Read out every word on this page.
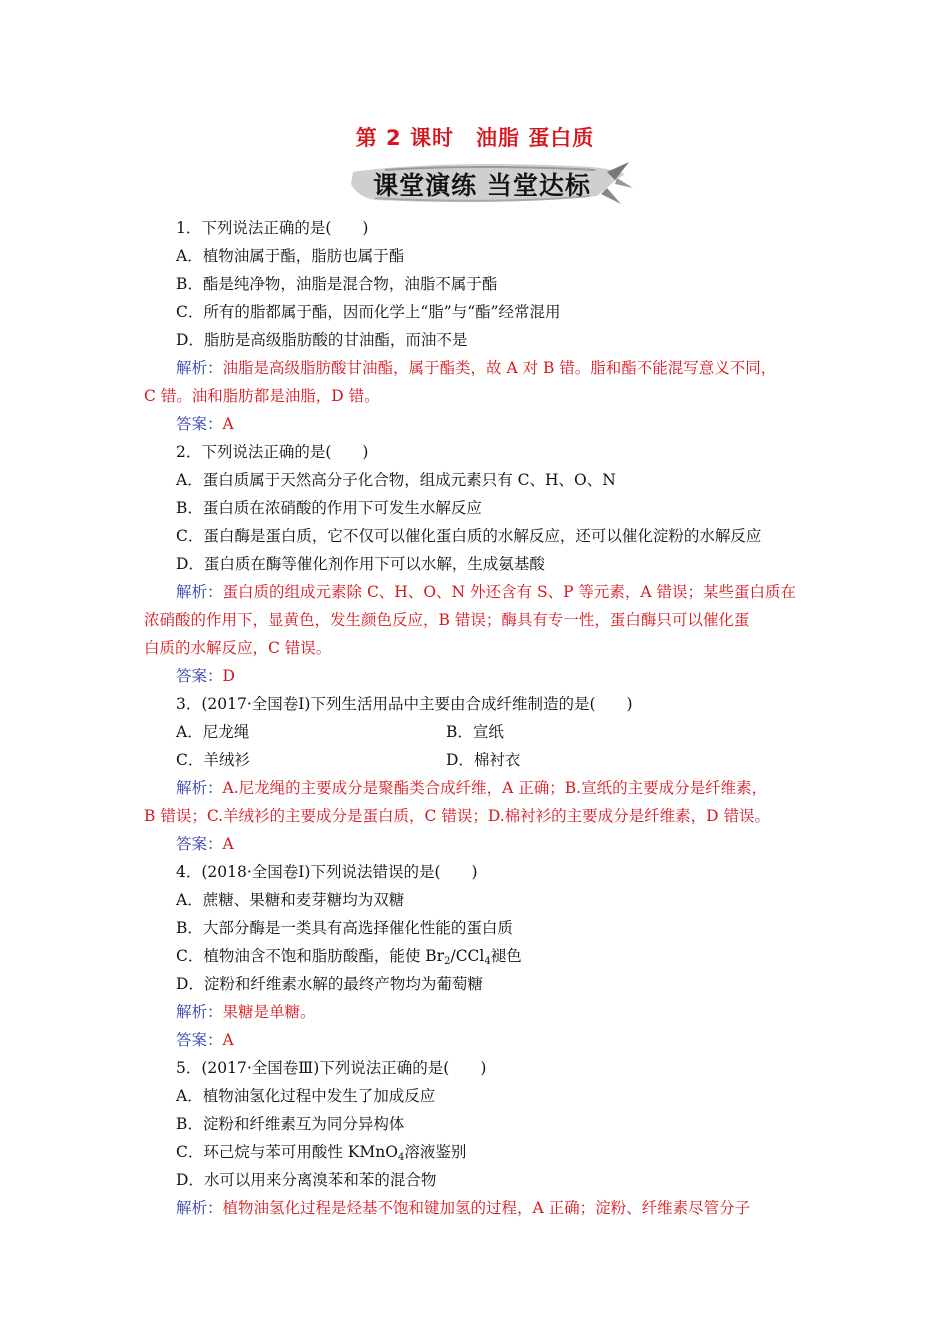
第 2 课时　油脂 蛋白质
课堂演练 当堂达标
1．下列说法正确的是(　　)
A．植物油属于酯，脂肪也属于酯
B．酯是纯净物，油脂是混合物，油脂不属于酯
C．所有的脂都属于酯，因而化学上“脂”与“酯”经常混用
D．脂肪是高级脂肪酸的甘油酯，而油不是
解析：油脂是高级脂肪酸甘油酯，属于酯类，故 A 对 B 错。脂和酯不能混写意义不同，
C 错。油和脂肪都是油脂，D 错。
答案：A
2．下列说法正确的是(　　)
A．蛋白质属于天然高分子化合物，组成元素只有 C、H、O、N
B．蛋白质在浓硝酸的作用下可发生水解反应
C．蛋白酶是蛋白质，它不仅可以催化蛋白质的水解反应，还可以催化淀粉的水解反应
D．蛋白质在酶等催化剂作用下可以水解，生成氨基酸
解析：蛋白质的组成元素除 C、H、O、N 外还含有 S、P 等元素，A 错误；某些蛋白质在
浓硝酸的作用下，显黄色，发生颜色反应，B 错误；酶具有专一性，蛋白酶只可以催化蛋
白质的水解反应，C 错误。
答案：D
3．(2017·全国卷Ⅰ)下列生活用品中主要由合成纤维制造的是(　　)
A．尼龙绳	B．宣纸
C．羊绒衫	D．棉衬衣
解析：A.尼龙绳的主要成分是聚酯类合成纤维，A 正确；B.宣纸的主要成分是纤维素，
B 错误；C.羊绒衫的主要成分是蛋白质，C 错误；D.棉衬衫的主要成分是纤维素，D 错误。
答案：A
4．(2018·全国卷Ⅰ)下列说法错误的是(　　)
A．蔗糖、果糖和麦芽糖均为双糖
B．大部分酶是一类具有高选择催化性能的蛋白质
C．植物油含不饱和脂肪酸酯，能使 $Br_2/CCl_4$褪色
D．淀粉和纤维素水解的最终产物均为葡萄糖
解析：果糖是单糖。
答案：A
5．(2017·全国卷Ⅲ)下列说法正确的是(　　)
A．植物油氢化过程中发生了加成反应
B．淀粉和纤维素互为同分异构体
C．环己烷与苯可用酸性 KMnO$_4$溶液鉴别
D．水可以用来分离溴苯和苯的混合物
解析：植物油氢化过程是烃基不饱和键加氢的过程，A 正确；淀粉、纤维素尽管分子
